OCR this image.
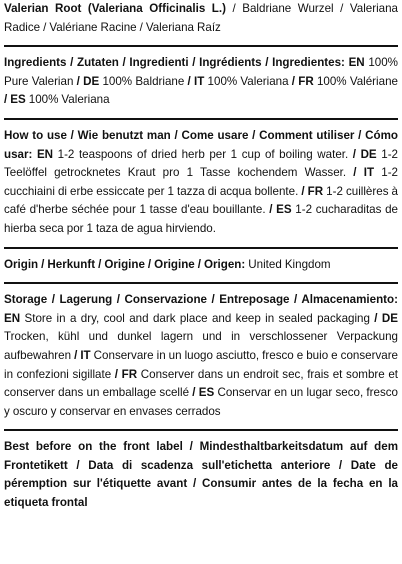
Valerian Root (Valeriana Officinalis L.) / Baldriane Wurzel / Valeriana Radice / Valériane Racine / Valeriana Raíz
Ingredients / Zutaten / Ingredienti / Ingrédients / Ingredientes: EN 100% Pure Valerian / DE 100% Baldriane / IT 100% Valeriana / FR 100% Valériane / ES 100% Valeriana
How to use / Wie benutzt man / Come usare / Comment utiliser / Cómo usar: EN 1-2 teaspoons of dried herb per 1 cup of boiling water. / DE 1-2 Teelöffel getrocknetes Kraut pro 1 Tasse kochendem Wasser. / IT 1-2 cucchiaini di erbe essiccate per 1 tazza di acqua bollente. / FR 1-2 cuillères à café d'herbe séchée pour 1 tasse d'eau bouillante. / ES 1-2 cucharaditas de hierba seca por 1 taza de agua hirviendo.
Origin / Herkunft / Origine / Origine / Origen: United Kingdom
Storage / Lagerung / Conservazione / Entreposage / Almacenamiento: EN Store in a dry, cool and dark place and keep in sealed packaging / DE Trocken, kühl und dunkel lagern und in verschlossener Verpackung aufbewahren / IT Conservare in un luogo asciutto, fresco e buio e conservare in confezioni sigillate / FR Conserver dans un endroit sec, frais et sombre et conserver dans un emballage scellé / ES Conservar en un lugar seco, fresco y oscuro y conservar en envases cerrados
Best before on the front label / Mindesthaltbarkeitsdatum auf dem Frontetikett / Data di scadenza sull'etichetta anteriore / Date de péremption sur l'étiquette avant / Consumir antes de la fecha en la etiqueta frontal
